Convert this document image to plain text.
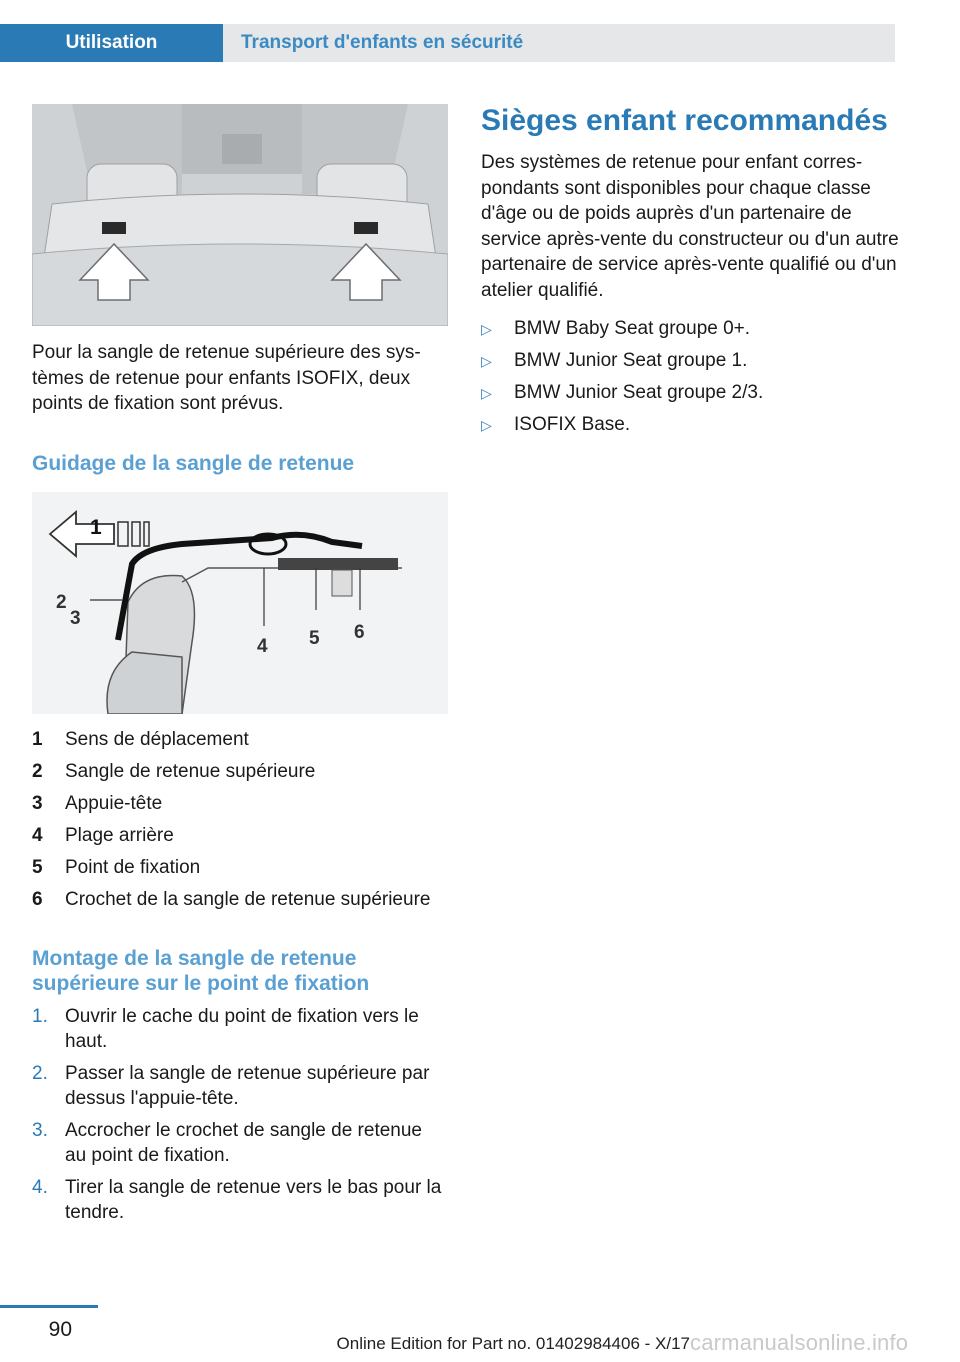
Utilisation	Transport d'enfants en sécurité

Pour la sangle de retenue supérieure des systèmes de retenue pour enfants ISOFIX, deux points de fixation sont prévus.

Guidage de la sangle de retenue
1
2
3
4 5 6
1	Sens de déplacement
2	Sangle de retenue supérieure
3	Appuie-tête
4	Plage arrière
5	Point de fixation
6	Crochet de la sangle de retenue supérieure
Montage de la sangle de retenue supérieure sur le point de fixation
1. Ouvrir le cache du point de fixation vers le haut.
2. Passer la sangle de retenue supérieure par dessus l'appuie-tête.
3. Accrocher le crochet de sangle de retenue au point de fixation.
4. Tirer la sangle de retenue vers le bas pour la tendre.
Sièges enfant recommandés

Des systèmes de retenue pour enfant correspondants sont disponibles pour chaque classe d'âge ou de poids auprès d'un partenaire de service après-vente du constructeur ou d'un autre partenaire de service après-vente qualifié ou d'un atelier qualifié.

▷	BMW Baby Seat groupe 0+.
▷	BMW Junior Seat groupe 1.
▷	BMW Junior Seat groupe 2/3.
▷	ISOFIX Base.
90
Online Edition for Part no. 01402984406 - X/17 carmanualsonline.info
